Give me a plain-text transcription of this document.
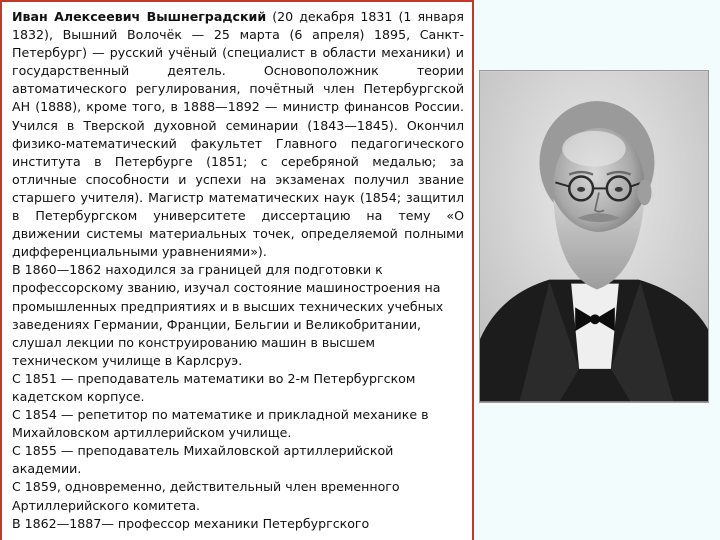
Иван Алексеевич Вышнеградский (20 декабря 1831 (1 января 1832), Вышний Волочёк — 25 марта (6 апреля) 1895, Санкт-Петербург) — русский учёный (специалист в области механики) и государственный деятель. Основоположник теории автоматического регулирования, почётный член Петербургской АН (1888), кроме того, в 1888—1892 — министр финансов России. Учился в Тверской духовной семинарии (1843—1845). Окончил физико-математический факультет Главного педагогического института в Петербурге (1851; с серебряной медалью; за отличные способности и успехи на экзаменах получил звание старшего учителя). Магистр математических наук (1854; защитил в Петербургском университете диссертацию на тему «О движении системы материальных точек, определяемой полными дифференциальными уравнениями»).

В 1860—1862 находился за границей для подготовки к профессорскому званию, изучал состояние машиностроения на промышленных предприятиях и в высших технических учебных заведениях Германии, Франции, Бельгии и Великобритании, слушал лекции по конструированию машин в высшем техническом училище в Карлсруэ.

С 1851 — преподаватель математики во 2-м Петербургском кадетском корпусе.

С 1854 — репетитор по математике и прикладной механике в Михайловском артиллерийском училище.

С 1855 — преподаватель Михайловской артиллерийской академии.

С 1859, одновременно, действительный член временного Артиллерийского комитета.

В 1862—1887— профессор механики Петербургского
